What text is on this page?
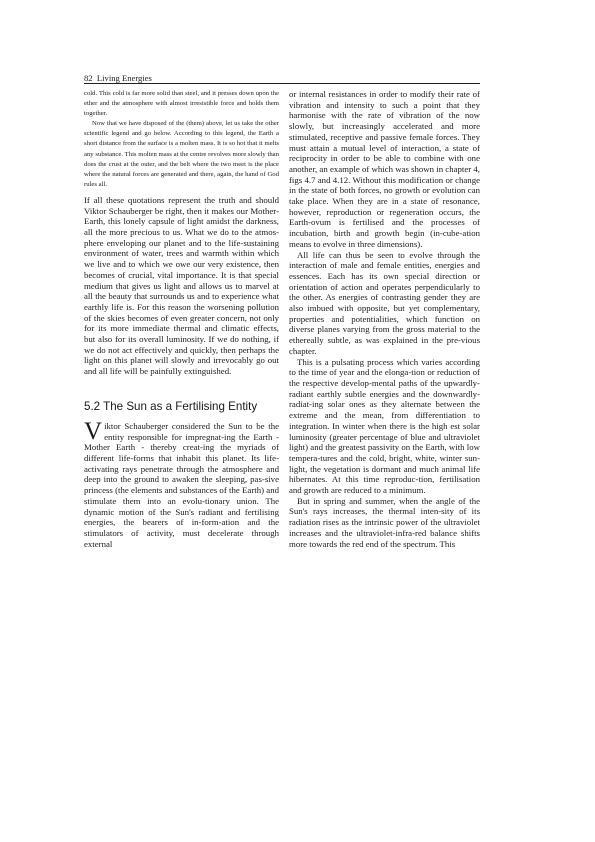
82 Living Energies

cold. This cold is far more solid than steel, and it presses down upon the ether and the atmosphere with almost irresistible force and holds them together.

Now that we have disposed of the (them) above, let us take the other scientific legend and go below. According to this legend, the Earth a short distance from the surface is a molten mass. It is so hot that it melts any substance. This molten mass at the centre revolves more slowly than does the crust at the outer, and the belt where the two meet is the place where the natural forces are generated and there, again, the hand of God rules all.

If all these quotations represent the truth and should Viktor Schauberger be right, then it makes our Mother-Earth, this lonely capsule of light amidst the darkness, all the more precious to us. What we do to the atmos-phere enveloping our planet and to the life-sustaining environment of water, trees and warmth within which we live and to which we owe our very existence, then becomes of crucial, vital importance. It is that special medium that gives us light and allows us to marvel at all the beauty that surrounds us and to experience what earthly life is. For this reason the worsening pollution of the skies becomes of even greater concern, not only for its more immediate thermal and climatic effects, but also for its overall luminosity. If we do nothing, if we do not act effectively and quickly, then perhaps the light on this planet will slowly and irrevocably go out and all life will be painfully extinguished.

5.2 The Sun as a Fertilising Entity

Viktor Schauberger considered the Sun to be the entity responsible for impregnat-ing the Earth - Mother Earth - thereby creat-ing the myriads of different life-forms that inhabit this planet. Its life-activating rays penetrate through the atmosphere and deep into the ground to awaken the sleeping, pas-sive princess (the elements and substances of the Earth) and stimulate them into an evolu-tionary union. The dynamic motion of the Sun's radiant and fertilising energies, the bearers of in-form-ation and the stimulators of activity, must decelerate through external

or internal resistances in order to modify their rate of vibration and intensity to such a point that they harmonise with the rate of vibration of the now slowly, but increasingly accelerated and more stimulated, receptive and passive female forces. They must attain a mutual level of interaction, a state of reciprocity in order to be able to combine with one another, an example of which was shown in chapter 4, figs 4.7 and 4.12. Without this modification or change in the state of both forces, no growth or evolution can take place. When they are in a state of resonance, however, reproduction or regeneration occurs, the Earth-ovum is fertilised and the processes of incubation, birth and growth begin (in-cube-ation means to evolve in three dimensions).

All life can thus be seen to evolve through the interaction of male and female entities, energies and essences. Each has its own special direction or orientation of action and operates perpendicularly to the other. As energies of contrasting gender they are also imbued with opposite, but yet complementary, properties and potentialities, which function on diverse planes varying from the gross material to the ethereally subtle, as was explained in the pre-vious chapter.

This is a pulsating process which varies according to the time of year and the elonga-tion or reduction of the respective develop-mental paths of the upwardly-radiant earthly subtle energies and the downwardly-radiat-ing solar ones as they alternate between the extreme and the mean, from differentiation to integration. In winter when there is the high est solar luminosity (greater percentage of blue and ultraviolet light) and the greatest passivity on the Earth, with low tempera-tures and the cold, bright, white, winter sun-light, the vegetation is dormant and much animal life hibernates. At this time reproduc-tion, fertilisation and growth are reduced to a minimum.

But in spring and summer, when the angle of the Sun's rays increases, the thermal inten-sity of its radiation rises as the intrinsic power of the ultraviolet increases and the ultraviolet-infra-red balance shifts more towards the red end of the spectrum. This
